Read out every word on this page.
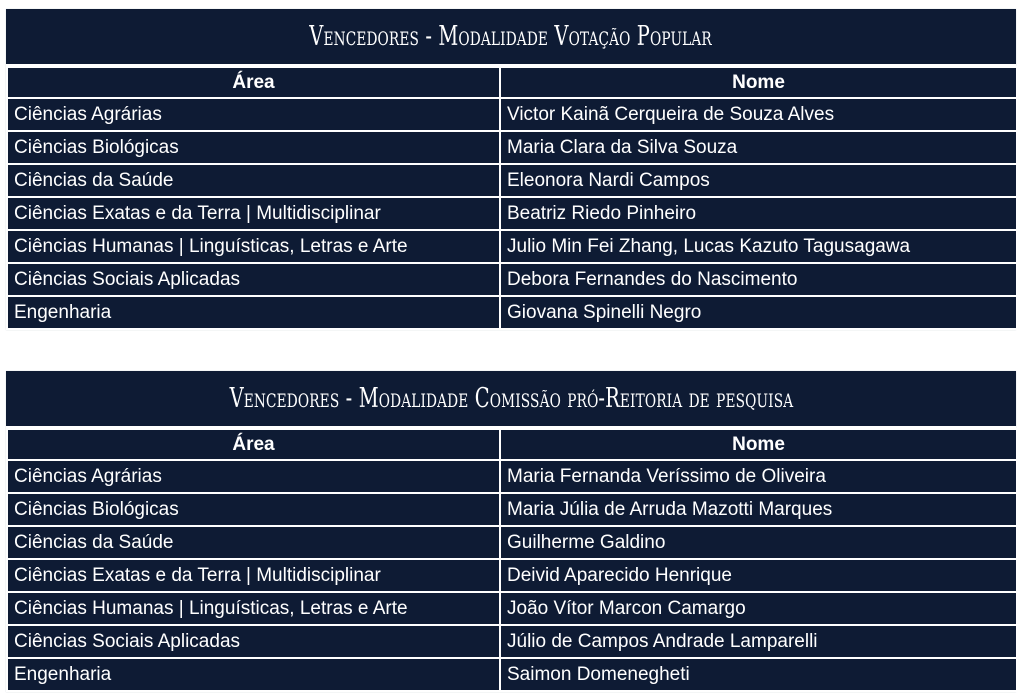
Vencedores - Modalidade Votação Popular
Área	Nome
Ciências Agrárias	Victor Kainã Cerqueira de Souza Alves
Ciências Biológicas	Maria Clara da Silva Souza
Ciências da Saúde	Eleonora Nardi Campos
Ciências Exatas e da Terra | Multidisciplinar	Beatriz Riedo Pinheiro
Ciências Humanas | Linguísticas, Letras e Arte	Julio Min Fei Zhang, Lucas Kazuto Tagusagawa
Ciências Sociais Aplicadas	Debora Fernandes do Nascimento
Engenharia	Giovana Spinelli Negro
Vencedores - Modalidade Comissão pró-Reitoria de pesquisa
Área	Nome
Ciências Agrárias	Maria Fernanda Veríssimo de Oliveira
Ciências Biológicas	Maria Júlia de Arruda Mazotti Marques
Ciências da Saúde	Guilherme Galdino
Ciências Exatas e da Terra | Multidisciplinar	Deivid Aparecido Henrique
Ciências Humanas | Linguísticas, Letras e Arte	João Vítor Marcon Camargo
Ciências Sociais Aplicadas	Júlio de Campos Andrade Lamparelli
Engenharia	Saimon Domenegheti
